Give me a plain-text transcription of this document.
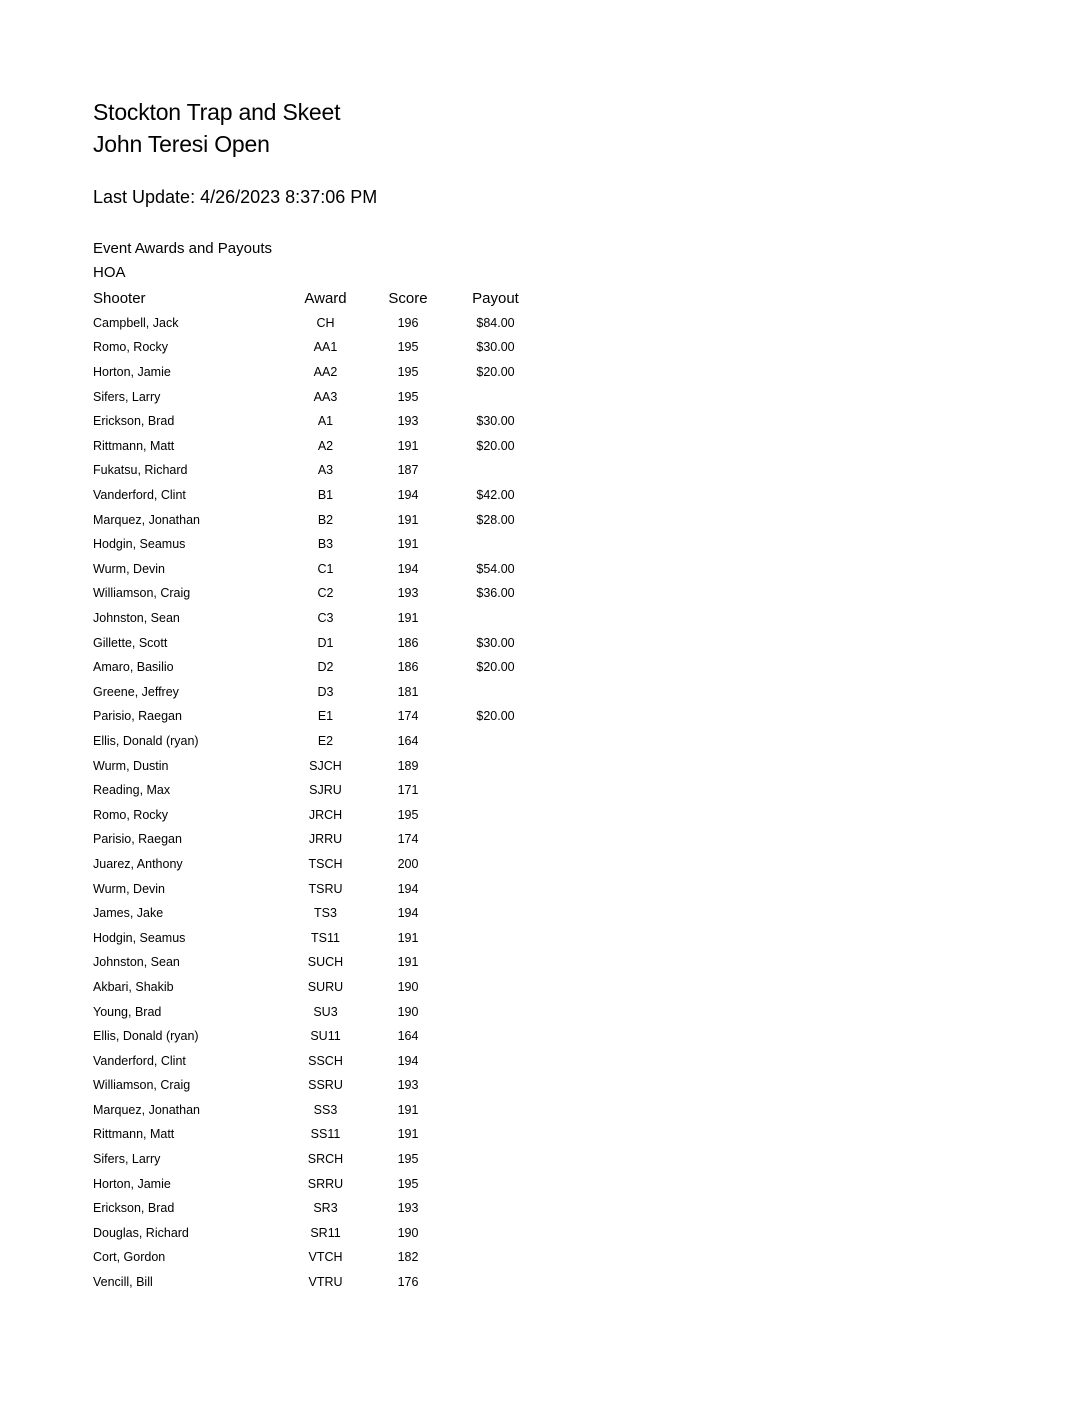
Stockton Trap and Skeet
John Teresi Open
Last Update: 4/26/2023 8:37:06 PM
Event Awards and Payouts
HOA
Shooter	Award	Score	Payout
Campbell, Jack	CH	196	$84.00
Romo, Rocky	AA1	195	$30.00
Horton, Jamie	AA2	195	$20.00
Sifers, Larry	AA3	195	
Erickson, Brad	A1	193	$30.00
Rittmann, Matt	A2	191	$20.00
Fukatsu, Richard	A3	187	
Vanderford, Clint	B1	194	$42.00
Marquez, Jonathan	B2	191	$28.00
Hodgin, Seamus	B3	191	
Wurm, Devin	C1	194	$54.00
Williamson, Craig	C2	193	$36.00
Johnston, Sean	C3	191	
Gillette, Scott	D1	186	$30.00
Amaro, Basilio	D2	186	$20.00
Greene, Jeffrey	D3	181	
Parisio, Raegan	E1	174	$20.00
Ellis, Donald (ryan)	E2	164	
Wurm, Dustin	SJCH	189	
Reading, Max	SJRU	171	
Romo, Rocky	JRCH	195	
Parisio, Raegan	JRRU	174	
Juarez, Anthony	TSCH	200	
Wurm, Devin	TSRU	194	
James, Jake	TS3	194	
Hodgin, Seamus	TS11	191	
Johnston, Sean	SUCH	191	
Akbari, Shakib	SURU	190	
Young, Brad	SU3	190	
Ellis, Donald (ryan)	SU11	164	
Vanderford, Clint	SSCH	194	
Williamson, Craig	SSRU	193	
Marquez, Jonathan	SS3	191	
Rittmann, Matt	SS11	191	
Sifers, Larry	SRCH	195	
Horton, Jamie	SRRU	195	
Erickson, Brad	SR3	193	
Douglas, Richard	SR11	190	
Cort, Gordon	VTCH	182	
Vencill, Bill	VTRU	176	
